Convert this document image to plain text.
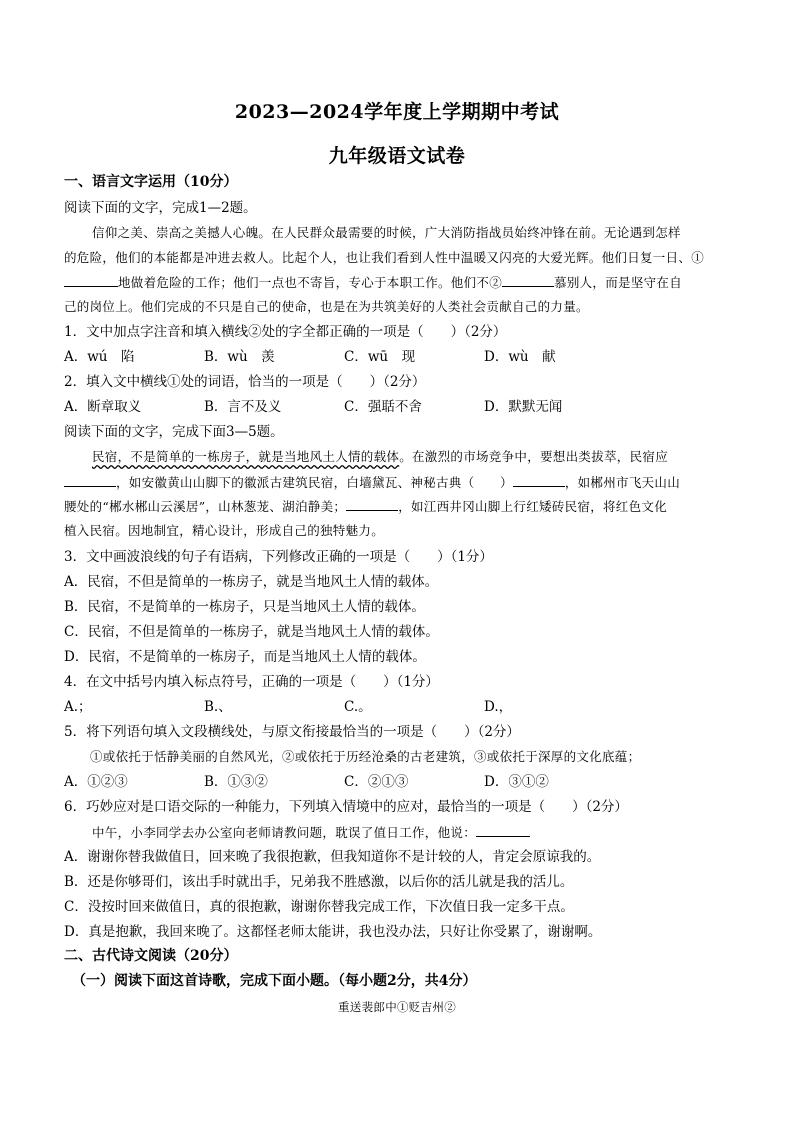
2023—2024学年度上学期期中考试
九年级语文试卷
一、语言文字运用（10分）
阅读下面的文字，完成1—2题。
信仰之美、崇高之美撼人心魄。在人民群众最需要的时候，广大消防指战员始终冲锋在前。无论遇到怎样
的危险，他们的本能都是冲进去救人。比起个人，也让我们看到人性中温暖又闪亮的大爱光辉。他们日复一日、①
地做着危险的工作；他们一点也不寄旨，专心于本职工作。他们不②	慕别人，而是坚守在自
己的岗位上。他们完成的不只是自己的使命，也是在为共筑美好的人类社会贡献自己的力量。
1．文中加点字注音和填入横线②处的字全都正确的一项是（　　）（2分）
A．wú　陷	B．wù　羡	C．wū　现	D．wù　献
2．填入文中横线①处的词语，恰当的一项是（　　）（2分）
A．断章取义	B．言不及义	C．强聒不舍	D．默默无闻
阅读下面的文字，完成下面3—5题。
民宿，不是简单的一栋房子，就是当地风土人情的载体。在激烈的市场竞争中，要想出类拔萃，民宿应
，如安徽黄山山脚下的徽派古建筑民宿，白墙黛瓦、神秘古典（　　）	，如郴州市飞天山山
腰处的“郴水郴山云溪居”，山林葱茏、湖泊静美；	，如江西井冈山脚上行红矮砖民宿，将红色文化
植入民宿。因地制宜，精心设计，形成自己的独特魅力。
3．文中画波浪线的句子有语病，下列修改正确的一项是（　　）（1分）
A．民宿，不但是简单的一栋房子，就是当地风土人情的载体。
B．民宿，不是简单的一栋房子，只是当地风土人情的载体。
C．民宿，不但是简单的一栋房子，就是当地风土人情的载体。
D．民宿，不是简单的一栋房子，而是当地风土人情的载体。
4．在文中括号内填入标点符号，正确的一项是（　　）（1分）
A.；	B.、	C.。	D.，
5．将下列语句填入文段横线处，与原文衔接最恰当的一项是（　　）（2分）
①或依托于恬静美丽的自然风光，②或依托于历经沧桑的古老建筑，③或依托于深厚的文化底蕴；
A．①②③	B．①③②	C．②①③	D．③①②
6．巧妙应对是口语交际的一种能力，下列填入情境中的应对，最恰当的一项是（　　）（2分）
中午，小李同学去办公室向老师请教问题，耽误了值日工作，他说：
A．谢谢你替我做值日，回来晚了我很抱歉，但我知道你不是计较的人，肯定会原谅我的。
B．还是你够哥们，该出手时就出手，兄弟我不胜感激，以后你的活儿就是我的活儿。
C．没按时回来做值日，真的很抱歉，谢谢你替我完成工作，下次值日我一定多干点。
D．真是抱歉，我回来晚了。这都怪老师太能讲，我也没办法，只好让你受累了，谢谢啊。
二、古代诗文阅读（20分）
（一）阅读下面这首诗歌，完成下面小题。（每小题2分，共4分）
重送裴郎中①贬吉州②
